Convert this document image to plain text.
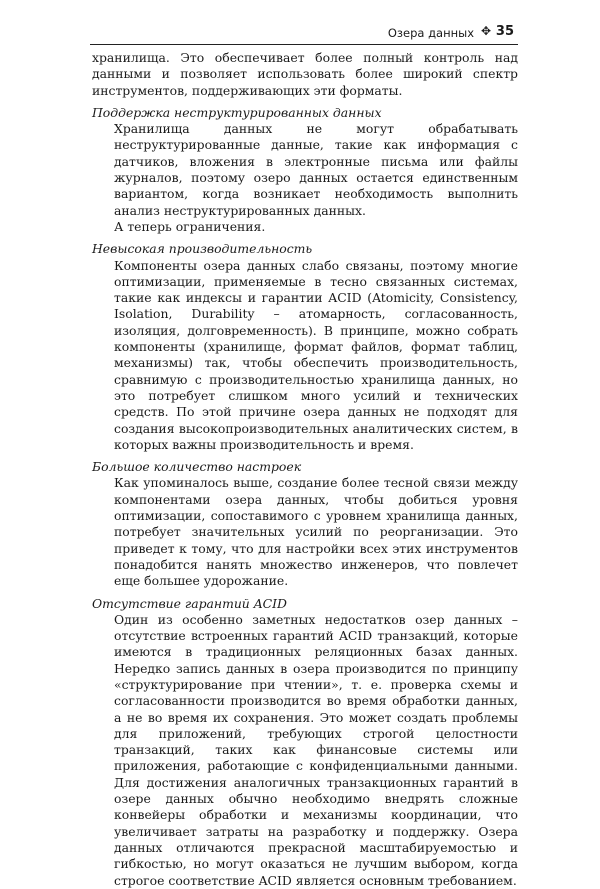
Озера данных ✥ 35

хранилища. Это обеспечивает более полный контроль над данными и позволяет использовать более широкий спектр инструментов, поддерживающих эти форматы.

Поддержка неструктурированных данных

Хранилища данных не могут обрабатывать неструктурированные данные, такие как информация с датчиков, вложения в электронные письма или файлы журналов, поэтому озеро данных остается единственным вариантом, когда возникает необходимость выполнить анализ неструктурированных данных.

А теперь ограничения.

Невысокая производительность

Компоненты озера данных слабо связаны, поэтому многие оптимизации, применяемые в тесно связанных системах, такие как индексы и гарантии ACID (Atomicity, Consistency, Isolation, Durability – атомарность, согласованность, изоляция, долговременность). В принципе, можно собрать компоненты (хранилище, формат файлов, формат таблиц, механизмы) так, чтобы обеспечить производительность, сравнимую с производительностью хранилища данных, но это потребует слишком много усилий и технических средств. По этой причине озера данных не подходят для создания высокопроизводительных аналитических систем, в которых важны производительность и время.

Большое количество настроек

Как упоминалось выше, создание более тесной связи между компонентами озера данных, чтобы добиться уровня оптимизации, сопоставимого с уровнем хранилища данных, потребует значительных усилий по реорганизации. Это приведет к тому, что для настройки всех этих инструментов понадобится нанять множество инженеров, что повлечет еще большее удорожание.

Отсутствие гарантий ACID

Один из особенно заметных недостатков озер данных – отсутствие встроенных гарантий ACID транзакций, которые имеются в традиционных реляционных базах данных. Нередко запись данных в озера производится по принципу «структурирование при чтении», т. е. проверка схемы и согласованности производится во время обработки данных, а не во время их сохранения. Это может создать проблемы для приложений, требующих строгой целостности транзакций, таких как финансовые системы или приложения, работающие с конфиденциальными данными. Для достижения аналогичных транзакционных гарантий в озере данных обычно необходимо внедрять сложные конвейеры обработки и механизмы координации, что увеличивает затраты на разработку и поддержку. Озера данных отличаются прекрасной масштабируемостью и гибкостью, но могут оказаться не лучшим выбором, когда строгое соответствие ACID является основным требованием.
